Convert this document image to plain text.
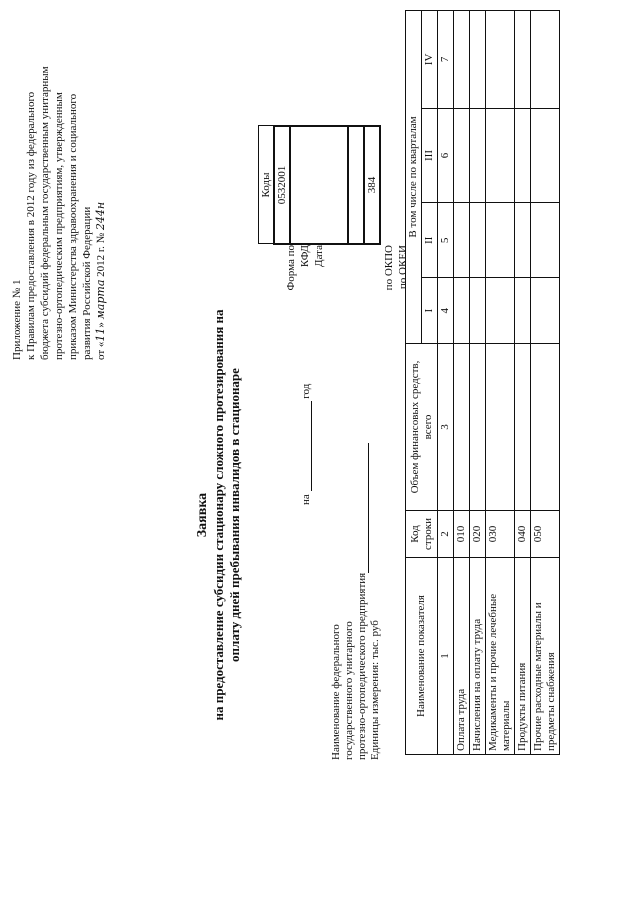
Приложение № 1 к Правилам предоставления в 2012 году из федерального бюджета субсидий федеральным государственным унитарным протезно-ортопедическим предприятиям, утвержденным приказом Министерства здравоохранения и социального развития Российской Федерации от «11» марта 2012 г. № 244н
Заявка на предоставление субсидии стационару сложного протезирования на оплату дней пребывания инвалидов в стационаре	на  год
Форма по КФД Дата	по ОКПО по ОКЕИ
Коды
0532001

384
Наименование федерального государственного унитарного протезно-ортопедического предприятия Единицы измерения: тыс. руб	Наименование показателя	Код строки	Объем финансовых средств, всего	В том числе по кварталам			
			I	II	III	IV
1	2	3	4	5	6	7
Оплата труда	010					
Начисления на оплату труда	020					
Медикаменты и прочие лечебные материалы	030					
Продукты питания	040					
Прочие расходные материалы и предметы снабжения	050					
